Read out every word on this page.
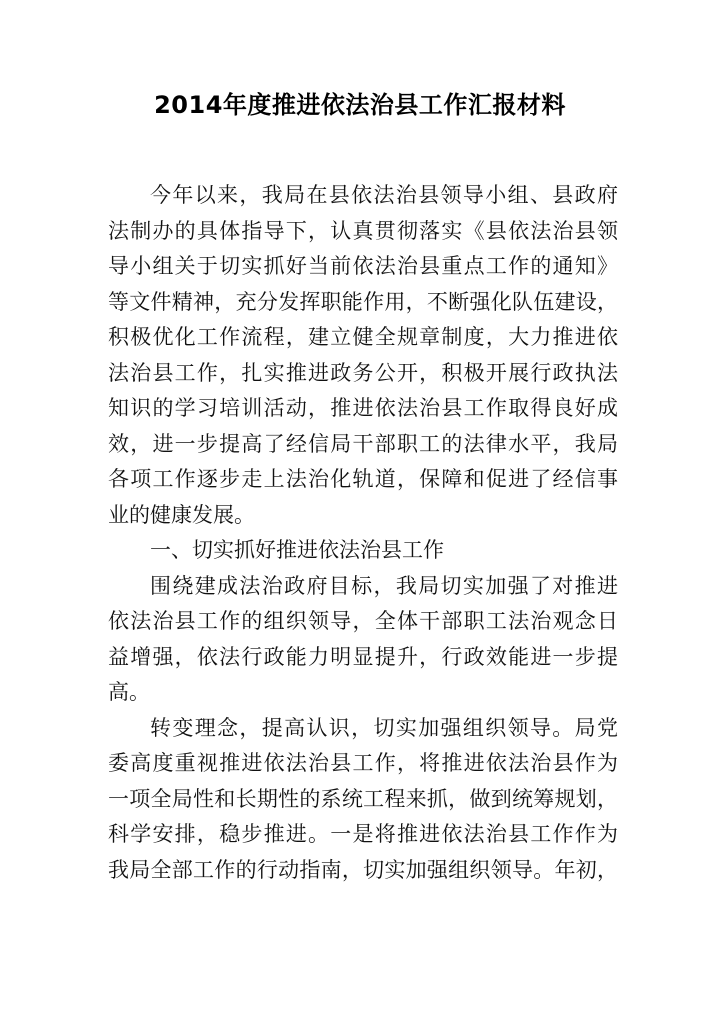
2014年度推进依法治县工作汇报材料
今年以来，我局在县依法治县领导小组、县政府
法制办的具体指导下，认真贯彻落实《县依法治县领
导小组关于切实抓好当前依法治县重点工作的通知》
等文件精神，充分发挥职能作用，不断强化队伍建设，
积极优化工作流程，建立健全规章制度，大力推进依
法治县工作，扎实推进政务公开，积极开展行政执法
知识的学习培训活动，推进依法治县工作取得良好成
效，进一步提高了经信局干部职工的法律水平，我局
各项工作逐步走上法治化轨道，保障和促进了经信事
业的健康发展。
一、切实抓好推进依法治县工作
围绕建成法治政府目标，我局切实加强了对推进
依法治县工作的组织领导，全体干部职工法治观念日
益增强，依法行政能力明显提升，行政效能进一步提
高。
转变理念，提高认识，切实加强组织领导。局党
委高度重视推进依法治县工作，将推进依法治县作为
一项全局性和长期性的系统工程来抓，做到统筹规划，
科学安排，稳步推进。一是将推进依法治县工作作为
我局全部工作的行动指南，切实加强组织领导。年初，
